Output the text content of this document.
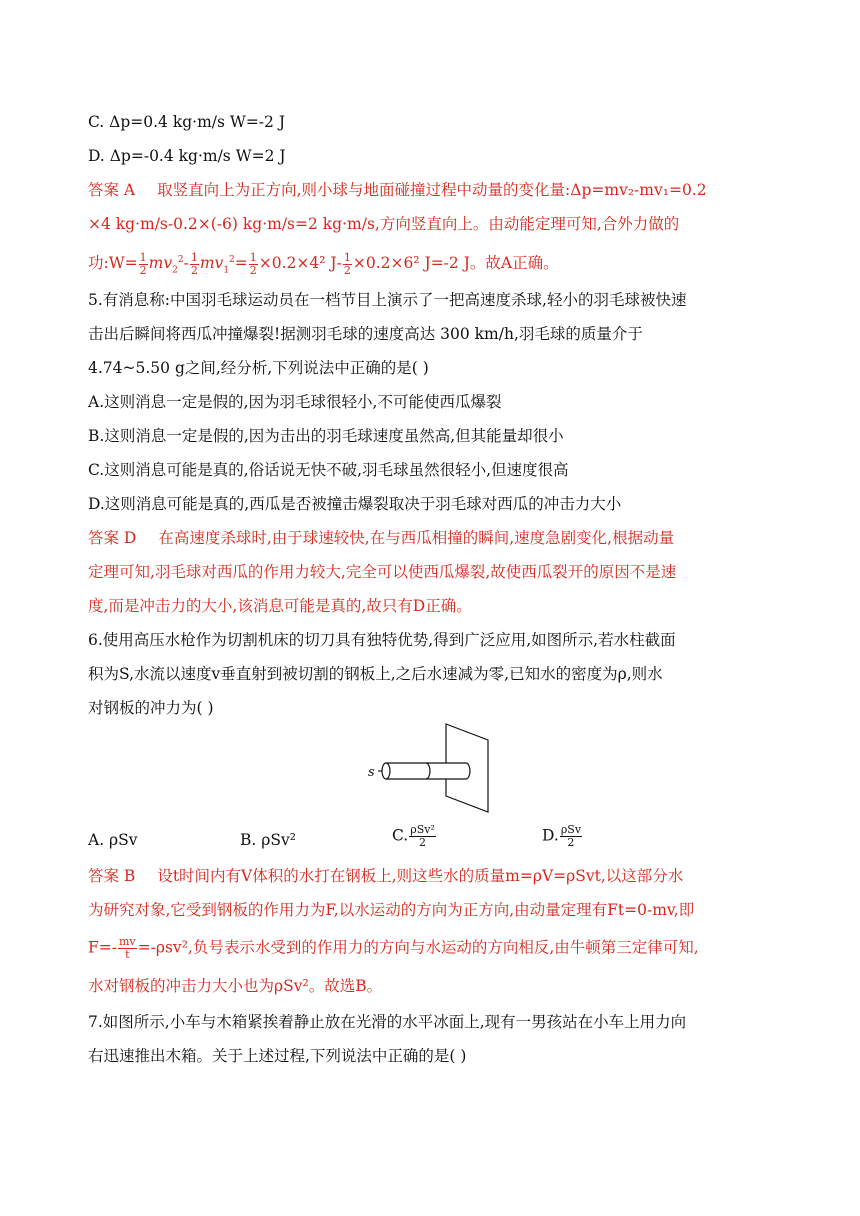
C. Δp=0.4 kg·m/s W=-2 J
D. Δp=-0.4 kg·m/s W=2 J
答案 A 取竖直向上为正方向,则小球与地面碰撞过程中动量的变化量:Δp=mv₂-mv₁=0.2
×4 kg·m/s-0.2×(-6) kg·m/s=2 kg·m/s,方向竖直向上。由动能定理可知,合外力做的
功:W= $\frac{1}{2} mv_2^2- \frac{1}{2} mv_1^2= \frac{1}{2} \times 0.2\times 4^2$ $J- \frac{1}{2} \times 0.2\times 6^2$ J=-2 J。故A正确。
5.有消息称:中国羽毛球运动员在一档节目上演示了一把高速度杀球,轻小的羽毛球被快速
击出后瞬间将西瓜冲撞爆裂!据测羽毛球的速度高达 300 km/h,羽毛球的质量介于
4.74~5.50 g之间,经分析,下列说法中正确的是( )
A.这则消息一定是假的,因为羽毛球很轻小,不可能使西瓜爆裂
B.这则消息一定是假的,因为击出的羽毛球速度虽然高,但其能量却很小
C.这则消息可能是真的,俗话说无快不破,羽毛球虽然很轻小,但速度很高
D.这则消息可能是真的,西瓜是否被撞击爆裂取决于羽毛球对西瓜的冲击力大小
答案 D 在高速度杀球时,由于球速较快,在与西瓜相撞的瞬间,速度急剧变化,根据动量
定理可知,羽毛球对西瓜的作用力较大,完全可以使西瓜爆裂,故使西瓜裂开的原因不是速
度,而是冲击力的大小,该消息可能是真的,故只有D正确。
6.使用高压水枪作为切割机床的切刀具有独特优势,得到广泛应用,如图所示,若水柱截面
积为S,水流以速度v垂直射到被切割的钢板上,之后水速减为零,已知水的密度为ρ,则水
对钢板的冲力为( )
s
A. ρSv	B. ρSv²	C. $\frac{\text{ρSv²}}{2}$	D. $\frac{\text{ρSv}}{2}$
答案 B 设t时间内有V体积的水打在钢板上,则这些水的质量m=ρV=ρSvt,以这部分水
为研究对象,它受到钢板的作用力为F,以水运动的方向为正方向,由动量定理有Ft=0-mv,即
$F=- \frac{mv}{t} =-\rho sv^2$,负号表示水受到的作用力的方向与水运动的方向相反,由牛顿第三定律可知,
水对钢板的冲击力大小也为ρSv²。故选B。
7.如图所示,小车与木箱紧挨着静止放在光滑的水平冰面上,现有一男孩站在小车上用力向
右迅速推出木箱。关于上述过程,下列说法中正确的是( )
